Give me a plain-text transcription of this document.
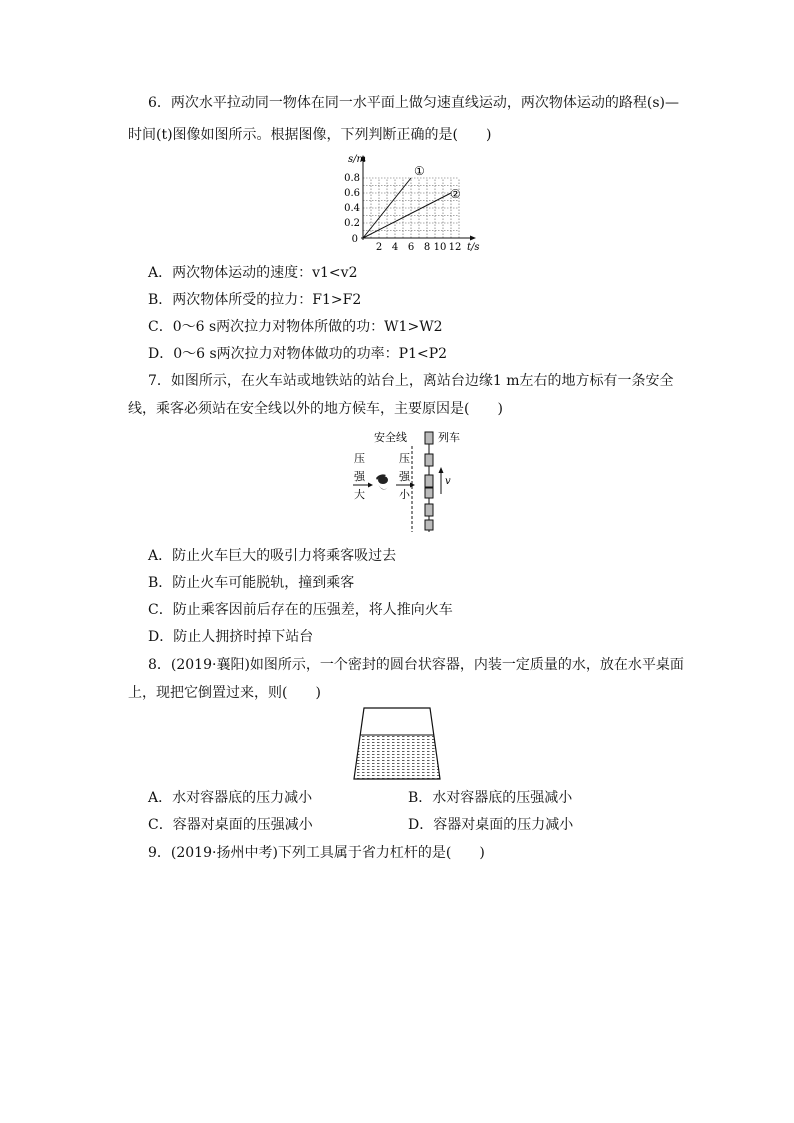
6．两次水平拉动同一物体在同一水平面上做匀速直线运动，两次物体运动的路程(s)—
时间(t)图像如图所示。根据图像，下列判断正确的是(　　)
s/m
0.8
0.6
0.4
0.2
0
2 4 6 8 10 12 t/s
①
②
A．两次物体运动的速度：v1<v2
B．两次物体所受的拉力：F1>F2
C．0～6 s两次拉力对物体所做的功：W1>W2
D．0～6 s两次拉力对物体做功的功率：P1<P2
7．如图所示，在火车站或地铁站的站台上，离站台边缘1 m左右的地方标有一条安全
线，乘客必须站在安全线以外的地方候车，主要原因是(　　)
安全线	列车
v
压
强
大
压
强
小
A．防止火车巨大的吸引力将乘客吸过去
B．防止火车可能脱轨，撞到乘客
C．防止乘客因前后存在的压强差，将人推向火车
D．防止人拥挤时掉下站台
8．(2019·襄阳)如图所示，一个密封的圆台状容器，内装一定质量的水，放在水平桌面
上，现把它倒置过来，则(　　)
A．水对容器底的压力减小	B．水对容器底的压强减小
C．容器对桌面的压强减小	D．容器对桌面的压力减小
9．(2019·扬州中考)下列工具属于省力杠杆的是(　　)
